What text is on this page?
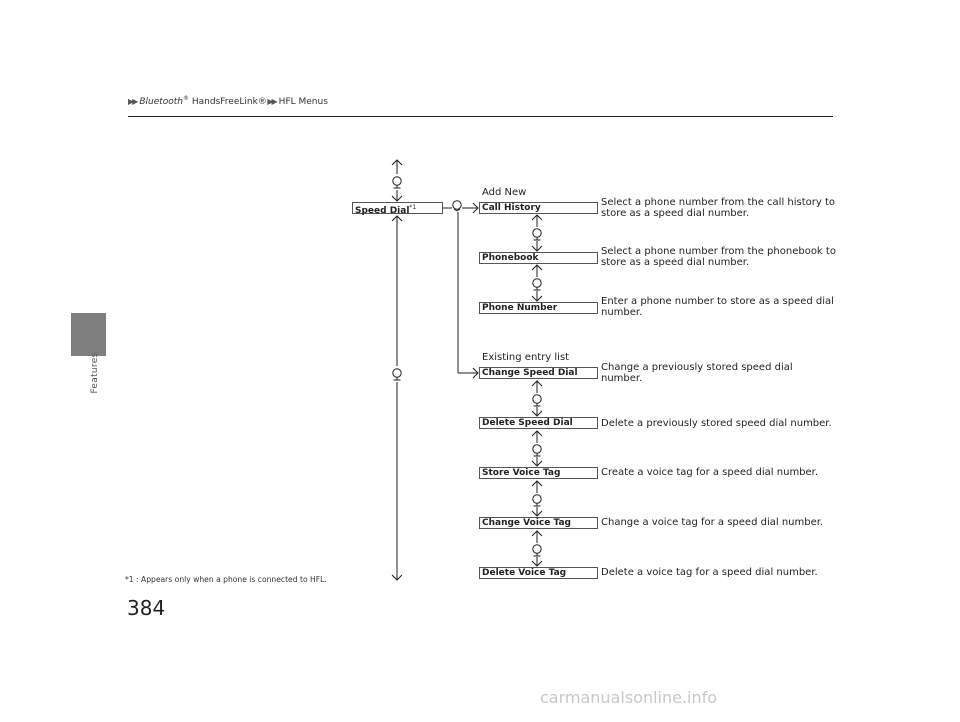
Features
▶▶ Bluetooth® HandsFreeLink® ▶▶ HFL Menus
Speed Dial$^{*1}$
Add New
Existing entry list
Call History
Phonebook
Phone Number
Change Speed Dial
Delete Speed Dial
Store Voice Tag
Change Voice Tag
Delete Voice Tag
Select a phone number from the call history to store as a speed dial number.
Select a phone number from the phonebook to store as a speed dial number.
Enter a phone number to store as a speed dial number.
Change a previously stored speed dial number.
Delete a previously stored speed dial number.
Create a voice tag for a speed dial number.
Change a voice tag for a speed dial number.
Delete a voice tag for a speed dial number.
*1 : Appears only when a phone is connected to HFL.
384
carmanualsonline.info
